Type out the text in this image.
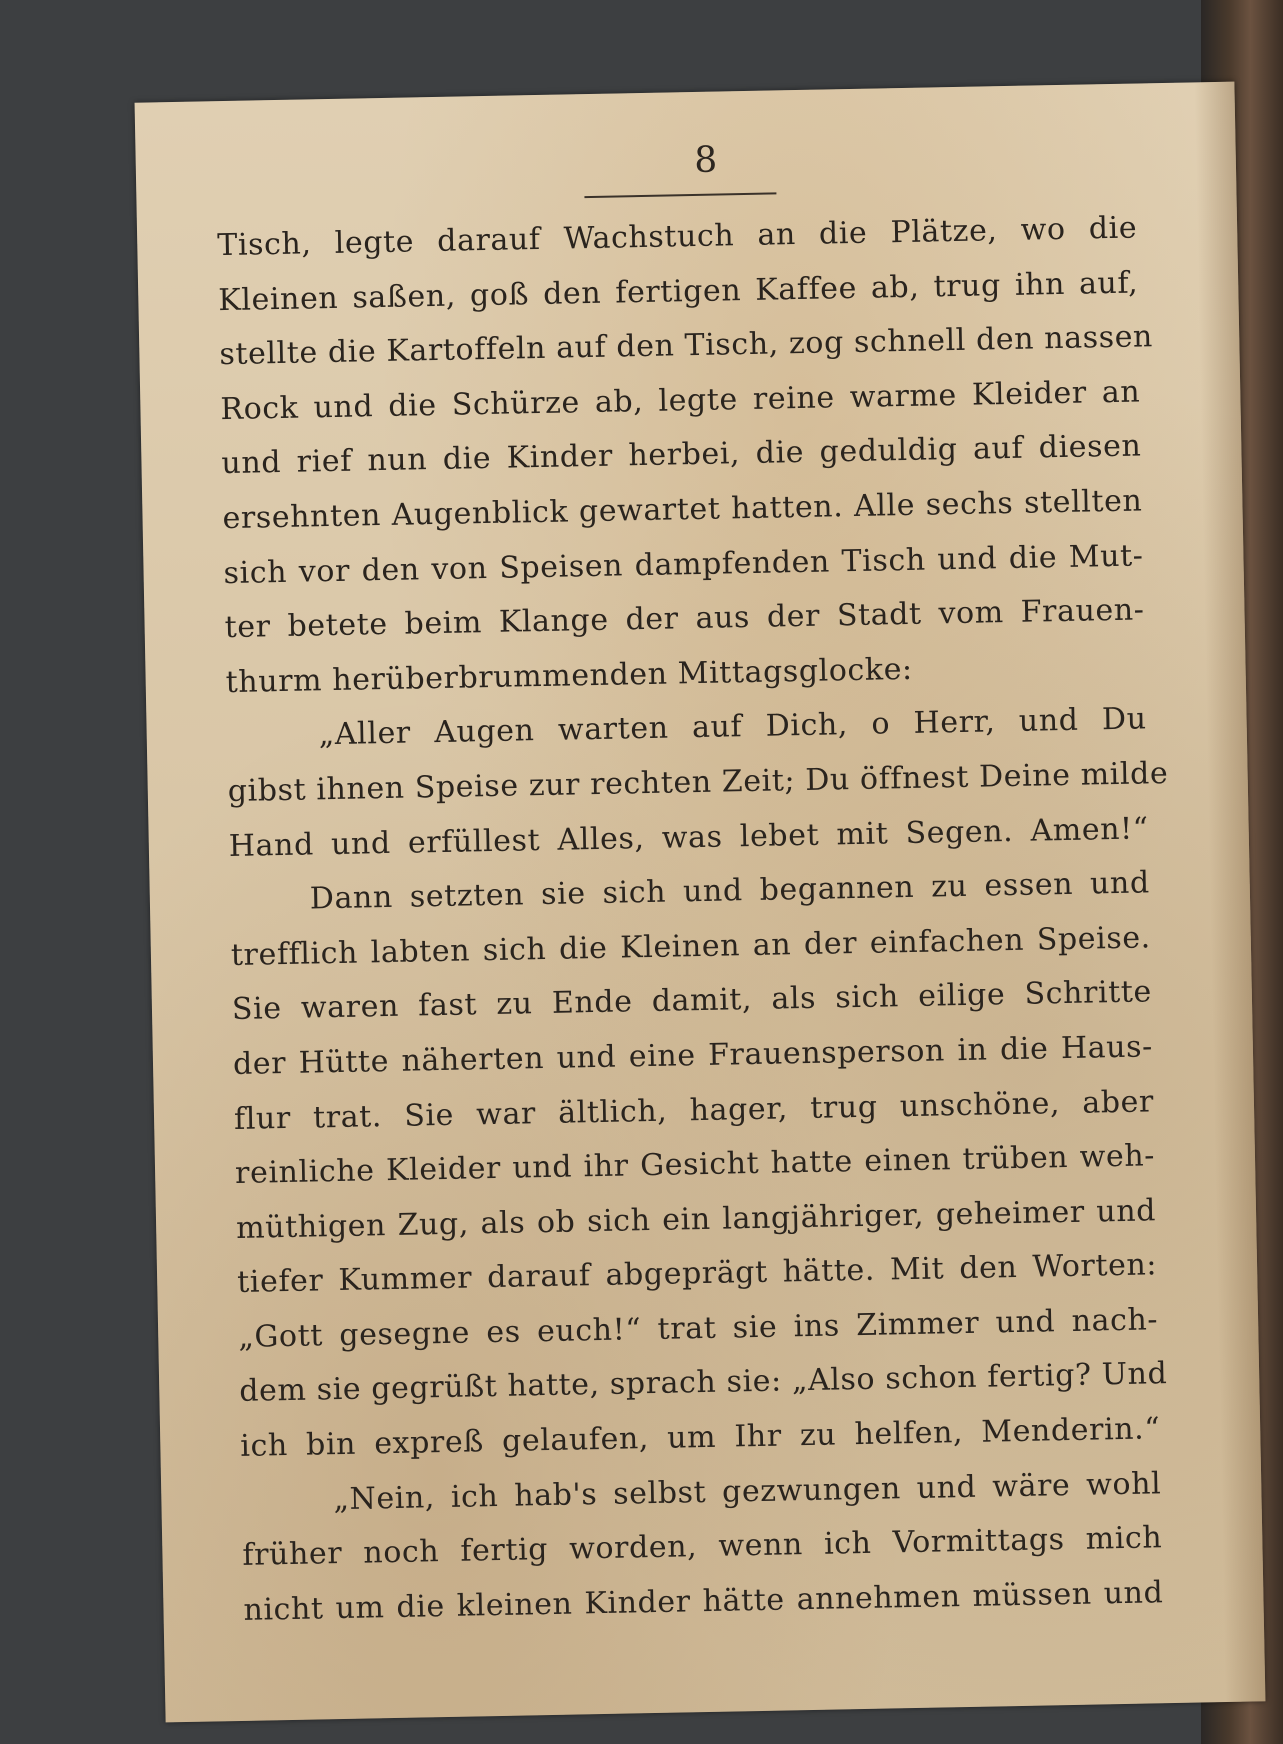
8
Tisch, legte darauf Wachstuch an die Plätze, wo die
Kleinen saßen, goß den fertigen Kaffee ab, trug ihn auf,
stellte die Kartoffeln auf den Tisch, zog schnell den nassen
Rock und die Schürze ab, legte reine warme Kleider an
und rief nun die Kinder herbei, die geduldig auf diesen
ersehnten Augenblick gewartet hatten. Alle sechs stellten
sich vor den von Speisen dampfenden Tisch und die Mut-
ter betete beim Klange der aus der Stadt vom Frauen-
thurm herüberbrummenden Mittagsglocke:
„Aller Augen warten auf Dich, o Herr, und Du
gibst ihnen Speise zur rechten Zeit; Du öffnest Deine milde
Hand und erfüllest Alles, was lebet mit Segen. Amen!“
Dann setzten sie sich und begannen zu essen und
trefflich labten sich die Kleinen an der einfachen Speise.
Sie waren fast zu Ende damit, als sich eilige Schritte
der Hütte näherten und eine Frauensperson in die Haus-
flur trat. Sie war ältlich, hager, trug unschöne, aber
reinliche Kleider und ihr Gesicht hatte einen trüben weh-
müthigen Zug, als ob sich ein langjähriger, geheimer und
tiefer Kummer darauf abgeprägt hätte. Mit den Worten:
„Gott gesegne es euch!“ trat sie ins Zimmer und nach-
dem sie gegrüßt hatte, sprach sie: „Also schon fertig? Und
ich bin expreß gelaufen, um Ihr zu helfen, Menderin.“
„Nein, ich hab's selbst gezwungen und wäre wohl
früher noch fertig worden, wenn ich Vormittags mich
nicht um die kleinen Kinder hätte annehmen müssen und
